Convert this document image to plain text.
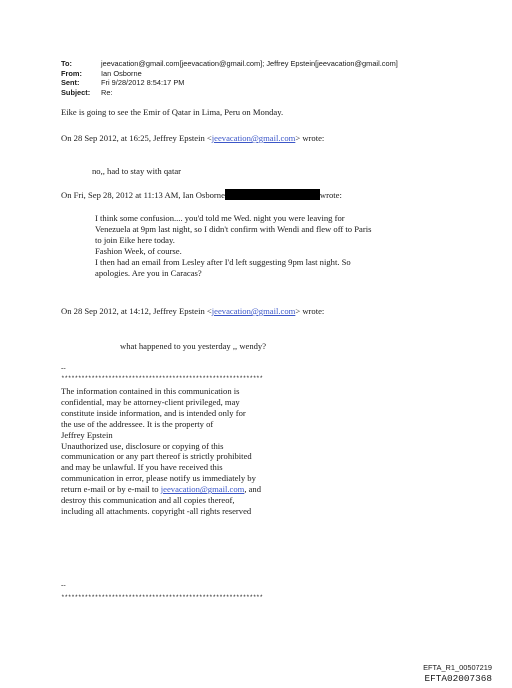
To:	jeevacation@gmail.com[jeevacation@gmail.com]; Jeffrey Epstein[jeevacation@gmail.com]
From:	Ian Osborne
Sent:	Fri 9/28/2012 8:54:17 PM
Subject:	Re:
Eike is going to see the Emir of Qatar in Lima, Peru on Monday.
On 28 Sep 2012, at 16:25, Jeffrey Epstein <jeevacation@gmail.com> wrote:
no,, had to stay with qatar
On Fri, Sep 28, 2012 at 11:13 AM, Ian Osborne	wrote:
I think some confusion.... you'd told me Wed. night you were leaving for
Venezuela at 9pm last night, so I didn't confirm with Wendi and flew off to Paris
to join Eike here today.
Fashion Week, of course.
I then had an email from Lesley after I'd left suggesting 9pm last night. So
apologies. Are you in Caracas?
On 28 Sep 2012, at 14:12, Jeffrey Epstein <jeevacation@gmail.com> wrote:
what happened to you yesterday ,, wendy?
--
************************************************************
The information contained in this communication is
confidential, may be attorney-client privileged, may
constitute inside information, and is intended only for
the use of the addressee. It is the property of
Jeffrey Epstein
Unauthorized use, disclosure or copying of this
communication or any part thereof is strictly prohibited
and may be unlawful. If you have received this
communication in error, please notify us immediately by
return e-mail or by e-mail to jeevacation@gmail.com, and
destroy this communication and all copies thereof,
including all attachments. copyright -all rights reserved
--
************************************************************
EFTA_R1_00507219
EFTA02007368
